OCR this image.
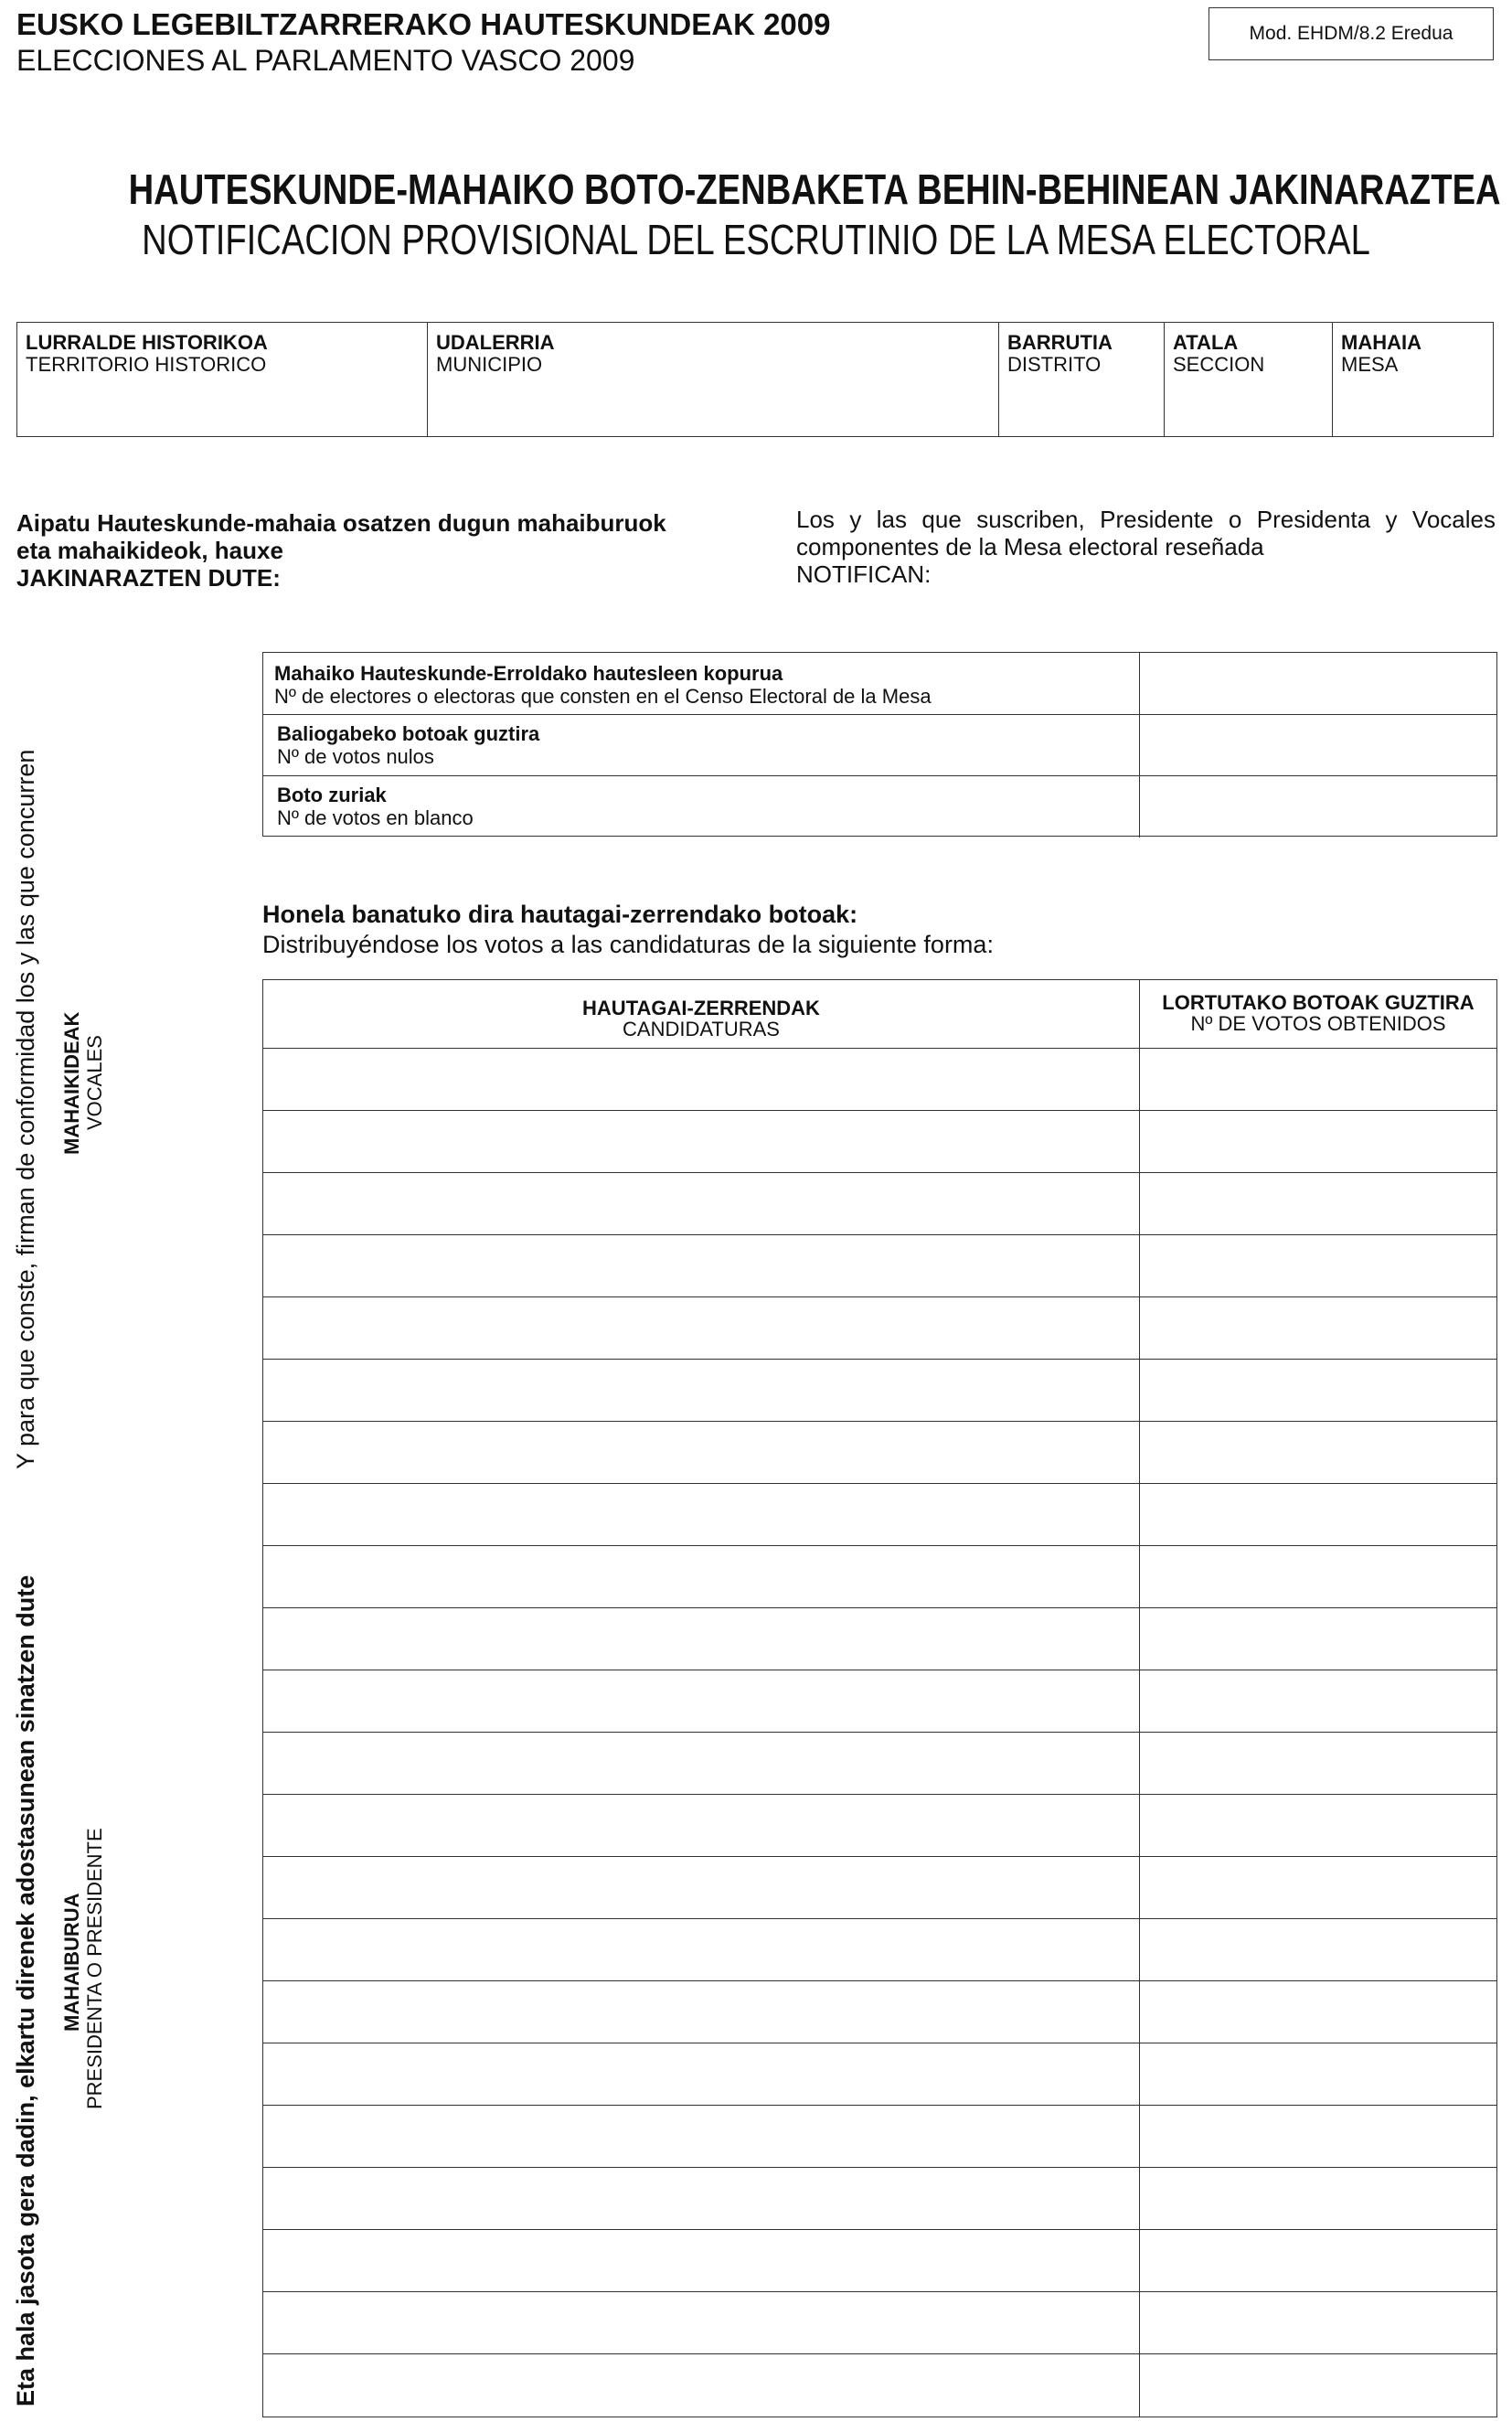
EUSKO LEGEBILTZARRERAKO HAUTESKUNDEAK 2009
ELECCIONES AL PARLAMENTO VASCO 2009
Mod. EHDM/8.2 Eredua
HAUTESKUNDE-MAHAIKO BOTO-ZENBAKETA BEHIN-BEHINEAN JAKINARAZTEA
NOTIFICACION PROVISIONAL DEL ESCRUTINIO DE LA MESA ELECTORAL
LURRALDE HISTORIKOA
TERRITORIO HISTORICO
UDALERRIA
MUNICIPIO
BARRUTIA
DISTRITO
ATALA
SECCION
MAHAIA
MESA
Aipatu Hauteskunde-mahaia osatzen dugun mahaiburuok
eta mahaikideok, hauxe
JAKINARAZTEN DUTE:
Los y las que suscriben, Presidente o Presidenta y Vocales
componentes de la Mesa electoral reseñada
NOTIFICAN:
Mahaiko Hauteskunde-Erroldako hautesleen kopurua
Nº de electores o electoras que consten en el Censo Electoral de la Mesa
Baliogabeko botoak guztira
Nº de votos nulos
Boto zuriak
Nº de votos en blanco
Honela banatuko dira hautagai-zerrendako botoak:
Distribuyéndose los votos a las candidaturas de la siguiente forma:
HAUTAGAI-ZERRENDAK
CANDIDATURAS
LORTUTAKO BOTOAK GUZTIRA
Nº DE VOTOS OBTENIDOS
Y para que conste, firman de conformidad los y las que concurren
Eta hala jasota gera dadin, elkartu direnek adostasunean sinatzen dute
MAHAIKIDEAK VOCALES
MAHAIBURUA PRESIDENTA O PRESIDENTE
